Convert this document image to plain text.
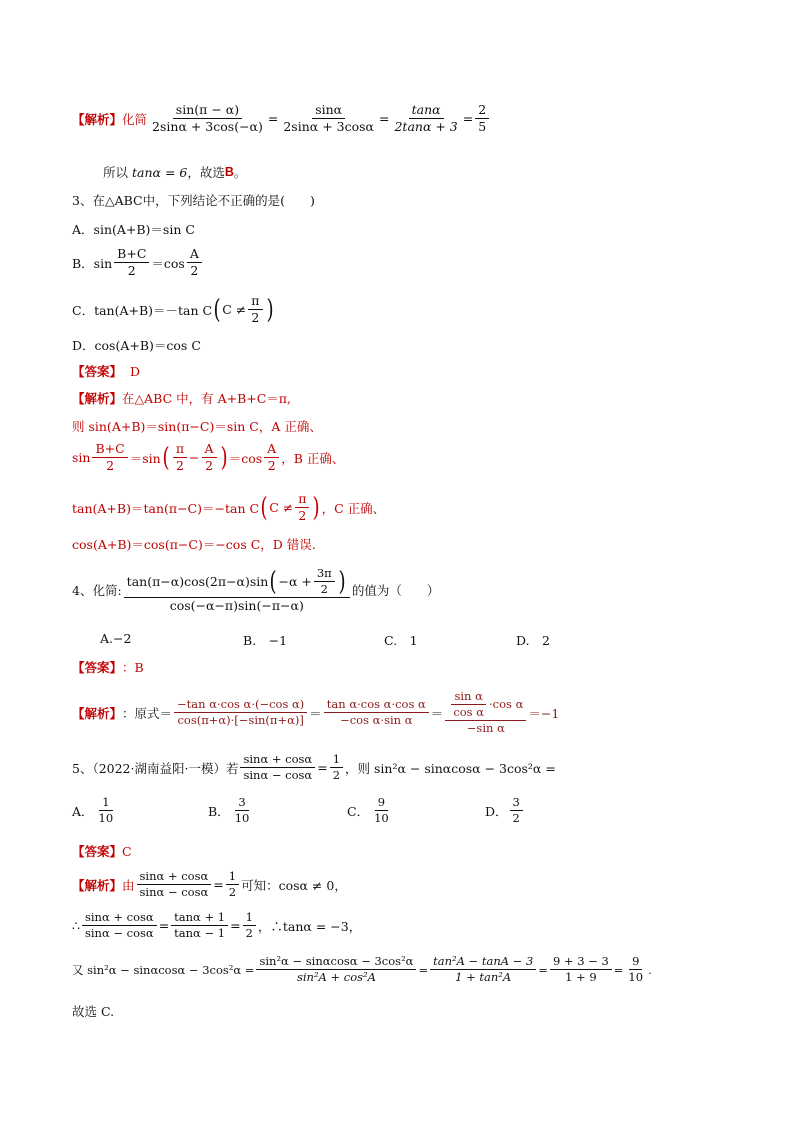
【解析】 化简 $\frac{\sin(\pi - \alpha)}{2\sin\alpha + 3\cos(-\alpha)} = \frac{\sin\alpha}{2\sin\alpha + 3\cos\alpha} = \frac{\tan\alpha}{2\tan\alpha + 3} = \frac{2}{5}$
所以 tanα = 6 ，故选 B 。
3、在△ABC中，下列结论不正确的是(　　)
A．sin(A+B)＝sin C
B．$\sin \frac{B+C}{2} =\cos \frac{A}{2}$
C．tan(A+B)＝－tan C ( $C \ne \frac{\pi}{2}$ )
D．cos(A+B)＝cos C
【答案】 D
【解析】 在△ABC 中，有 A+B+C＝π,
则 sin(A+B)＝sin(π−C)＝sin C，A 正确、
$\sin \frac{B+C}{2} =\sin$ ( $\frac{\pi}{2} - \frac{A}{2}$ ) $=\cos \frac{A}{2}$ ，B 正确、
tan(A+B)＝tan(π−C)＝−tan C ( $C \ne \frac{\pi}{2}$ ) ，C 正确、
cos(A+B)＝cos(π−C)＝−cos C，D 错误.
4、化简: $\frac{\tan(\pi-\alpha)\cos(2\pi-\alpha)\sin ( -\alpha + \frac{3\pi}{2} )}{\cos(-\alpha-\pi)\sin(-\pi-\alpha)}$ 的值为（　　）
A.−2	B.　−1	C.　1	D.　2
【答案】 ：B
【解析】 ：原式＝ $\frac{\text{−tan α·cos α·(−cos α)}}{\cos(\pi+\alpha)\cdot[-\sin(\pi+\alpha)]} = \frac{\text{tan α·cos α·cos α}}{\text{−cos α·sin α}} = \frac{\frac{\text{sin α}}{\text{cos α}} \cdot\cos \alpha}{\text{−sin α}} =-1$
5、（2022·湖南益阳·一模）若 $\frac{\sin\alpha + \cos\alpha}{\sin\alpha - \cos\alpha} = \frac{1}{2}$ ，则 sin²α − sinαcosα − 3cos²α =
A． $\frac{1}{10}$	B． $\frac{3}{10}$	C． $\frac{9}{10}$	D． $\frac{3}{2}$
【答案】 C
【解析】 由 $\frac{\sin\alpha + \cos\alpha}{\sin\alpha - \cos\alpha} = \frac{1}{2}$ 可知：cosα ≠ 0，
∴ $\frac{\sin\alpha + \cos\alpha}{\sin\alpha - \cos\alpha} = \frac{\tan\alpha + 1}{\tan\alpha - 1} = \frac{1}{2}$ ，∴tanα = −3，
又 $\sin^2\alpha - \sin\alpha\cos\alpha - 3\cos^2\alpha = \frac{\text{sin²α − sinαcosα − 3cos²α}}{\text{sin²A + cos²A}} = \frac{\text{tan²A − tanA − 3}}{\text{1 + tan²A}} = \frac{9 + 3 - 3}{1 + 9} = \frac{9}{10}$ .
故选 C.
